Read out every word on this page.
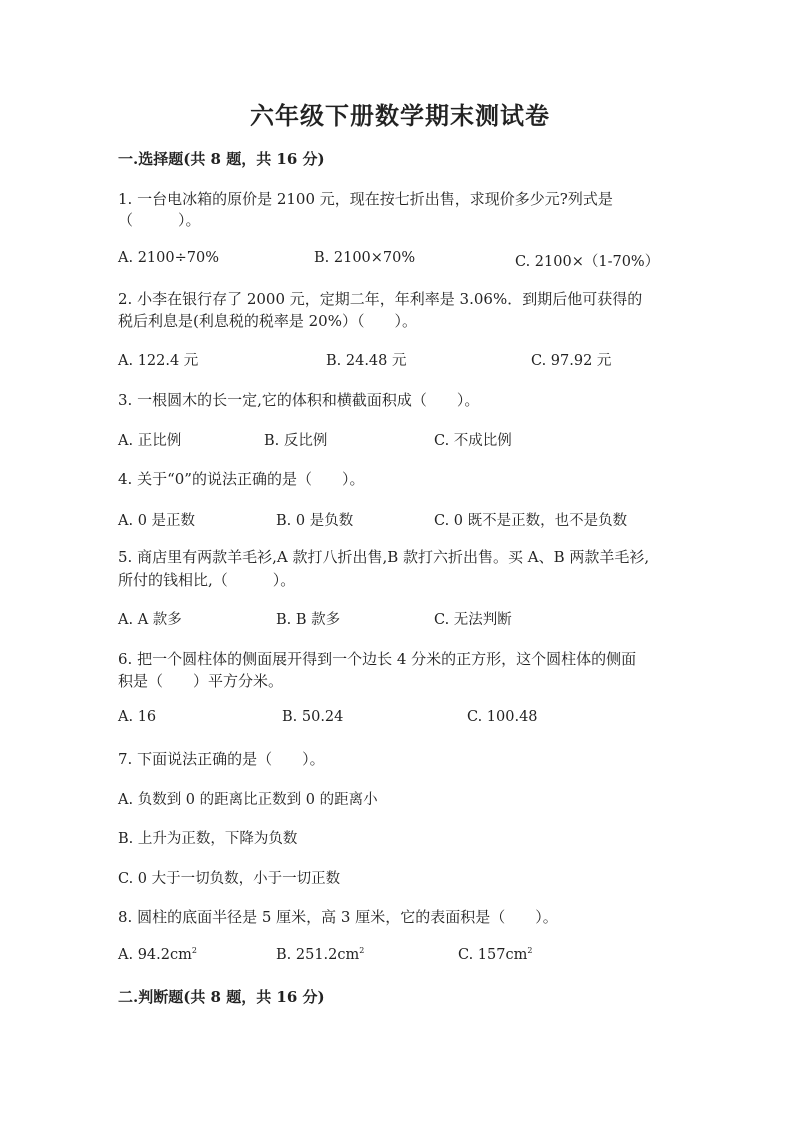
六年级下册数学期末测试卷
一.选择题(共 8 题，共 16 分)
1. 一台电冰箱的原价是 2100 元，现在按七折出售，求现价多少元?列式是
（　　　）。
A. 2100÷70%	B. 2100×70%	C. 2100×（1-70%）
2. 小李在银行存了 2000 元，定期二年，年利率是 3.06%．到期后他可获得的
税后利息是(利息税的税率是 20%）（　　）。
A. 122.4 元	B. 24.48 元	C. 97.92 元
3. 一根圆木的长一定,它的体积和横截面积成（　　）。
A. 正比例	B. 反比例	C. 不成比例
4. 关于“0”的说法正确的是（　　）。
A. 0 是正数	B. 0 是负数	C. 0 既不是正数，也不是负数
5. 商店里有两款羊毛衫,A 款打八折出售,B 款打六折出售。买 A、B 两款羊毛衫,
所付的钱相比,（　　　）。
A. A 款多	B. B 款多	C. 无法判断
6. 把一个圆柱体的侧面展开得到一个边长 4 分米的正方形，这个圆柱体的侧面
积是（　　）平方分米。
A. 16	B. 50.24	C. 100.48
7. 下面说法正确的是（　　）。
A. 负数到 0 的距离比正数到 0 的距离小
B. 上升为正数，下降为负数
C. 0 大于一切负数，小于一切正数
8. 圆柱的底面半径是 5 厘米，高 3 厘米，它的表面积是（　　）。
A. $94.2cm^2$	B. $251.2cm^2$	C. $157cm^2$
二.判断题(共 8 题，共 16 分)
